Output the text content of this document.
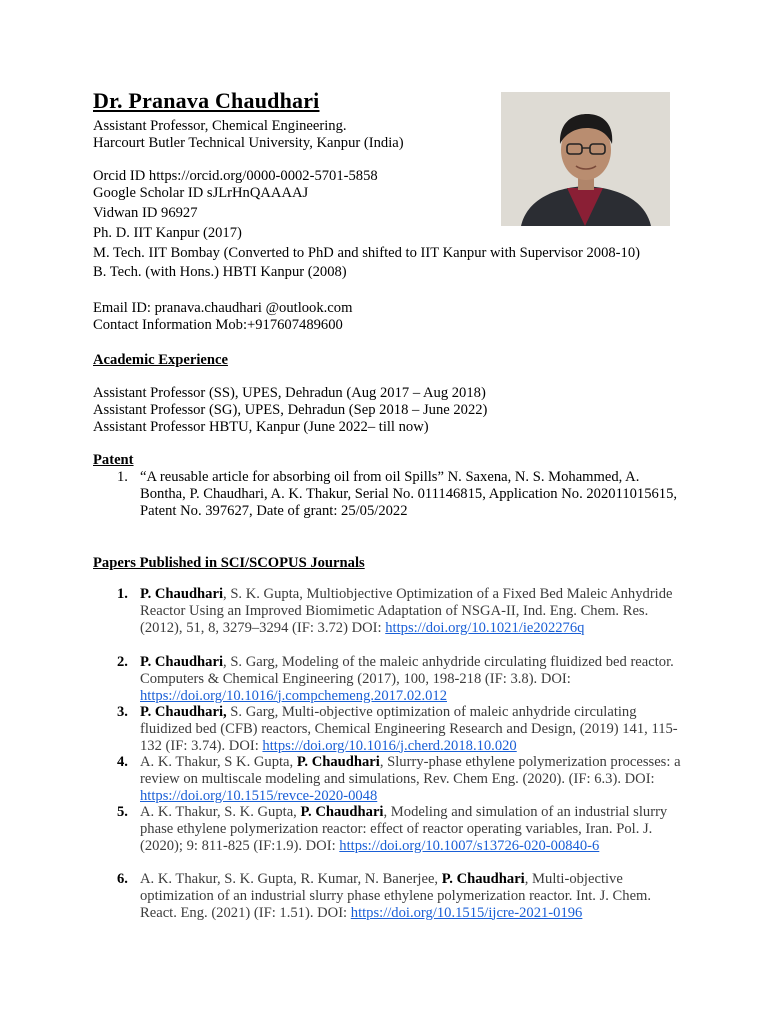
Dr. Pranava Chaudhari
Assistant Professor, Chemical Engineering.
Harcourt Butler Technical University, Kanpur (India)
Orcid ID https://orcid.org/0000-0002-5701-5858
Google Scholar ID sJLrHnQAAAAJ
Vidwan ID 96927
Ph. D. IIT Kanpur (2017)
M. Tech. IIT Bombay (Converted to PhD and shifted to IIT Kanpur with Supervisor 2008-10)
B. Tech. (with Hons.) HBTI Kanpur (2008)
Email ID: pranava.chaudhari @outlook.com
Contact Information Mob:+917607489600
Academic Experience
Assistant Professor (SS), UPES, Dehradun (Aug 2017 – Aug 2018)
Assistant Professor (SG), UPES, Dehradun (Sep 2018 – June 2022)
Assistant Professor HBTU, Kanpur (June 2022– till now)
Patent
1. “A reusable article for absorbing oil from oil Spills” N. Saxena, N. S. Mohammed, A. Bontha, P. Chaudhari, A. K. Thakur, Serial No. 011146815, Application No. 202011015615, Patent No. 397627, Date of grant: 25/05/2022
Papers Published in SCI/SCOPUS Journals
1. P. Chaudhari, S. K. Gupta, Multiobjective Optimization of a Fixed Bed Maleic Anhydride Reactor Using an Improved Biomimetic Adaptation of NSGA-II, Ind. Eng. Chem. Res. (2012), 51, 8, 3279–3294 (IF: 3.72) DOI: https://doi.org/10.1021/ie202276q
2. P. Chaudhari, S. Garg, Modeling of the maleic anhydride circulating fluidized bed reactor. Computers & Chemical Engineering (2017), 100, 198-218 (IF: 3.8). DOI: https://doi.org/10.1016/j.compchemeng.2017.02.012
3. P. Chaudhari, S. Garg, Multi-objective optimization of maleic anhydride circulating fluidized bed (CFB) reactors, Chemical Engineering Research and Design, (2019) 141, 115-132 (IF: 3.74). DOI: https://doi.org/10.1016/j.cherd.2018.10.020
4. A. K. Thakur, S K. Gupta, P. Chaudhari, Slurry-phase ethylene polymerization processes: a review on multiscale modeling and simulations, Rev. Chem Eng. (2020). (IF: 6.3). DOI: https://doi.org/10.1515/revce-2020-0048
5. A. K. Thakur, S. K. Gupta, P. Chaudhari, Modeling and simulation of an industrial slurry phase ethylene polymerization reactor: effect of reactor operating variables, Iran. Pol. J. (2020); 9: 811-825 (IF:1.9). DOI: https://doi.org/10.1007/s13726-020-00840-6
6. A. K. Thakur, S. K. Gupta, R. Kumar, N. Banerjee, P. Chaudhari, Multi-objective optimization of an industrial slurry phase ethylene polymerization reactor. Int. J. Chem. React. Eng. (2021) (IF: 1.51). DOI: https://doi.org/10.1515/ijcre-2021-0196
